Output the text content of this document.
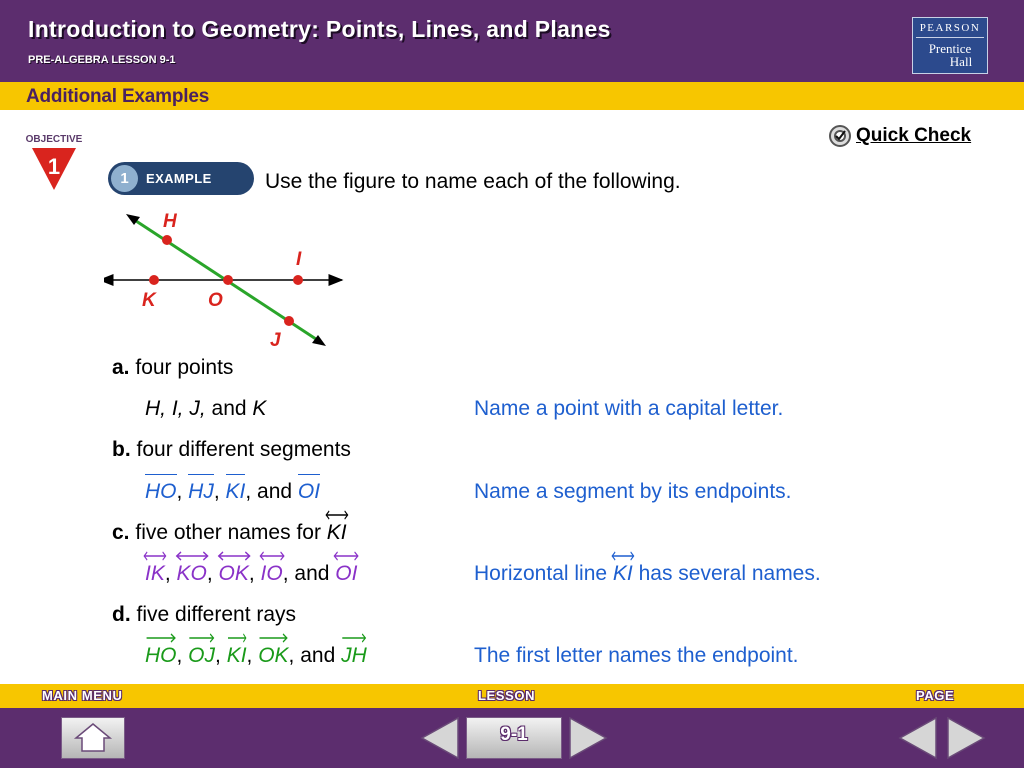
Introduction to Geometry: Points, Lines, and Planes
PRE-ALGEBRA LESSON 9-1
PEARSON
Prentice
Hall
Additional Examples
OBJECTIVE
1
Quick Check
1	EXAMPLE	Use the figure to name each of the following.
H
I
K	O
J
a. four points
H, I, J, and K	Name a point with a capital letter.
b. four different segments
HO, HJ, KI, and OI	Name a segment by its endpoints.
c. five other names for KI
IK
, KO
, OK
, IO
, and OI	Horizontal line KI has several names.
d. five different rays
HO
, OJ
, KI
, OK
, and JH	The first letter names the endpoint.
MAIN MENU	LESSON	PAGE
9-1
